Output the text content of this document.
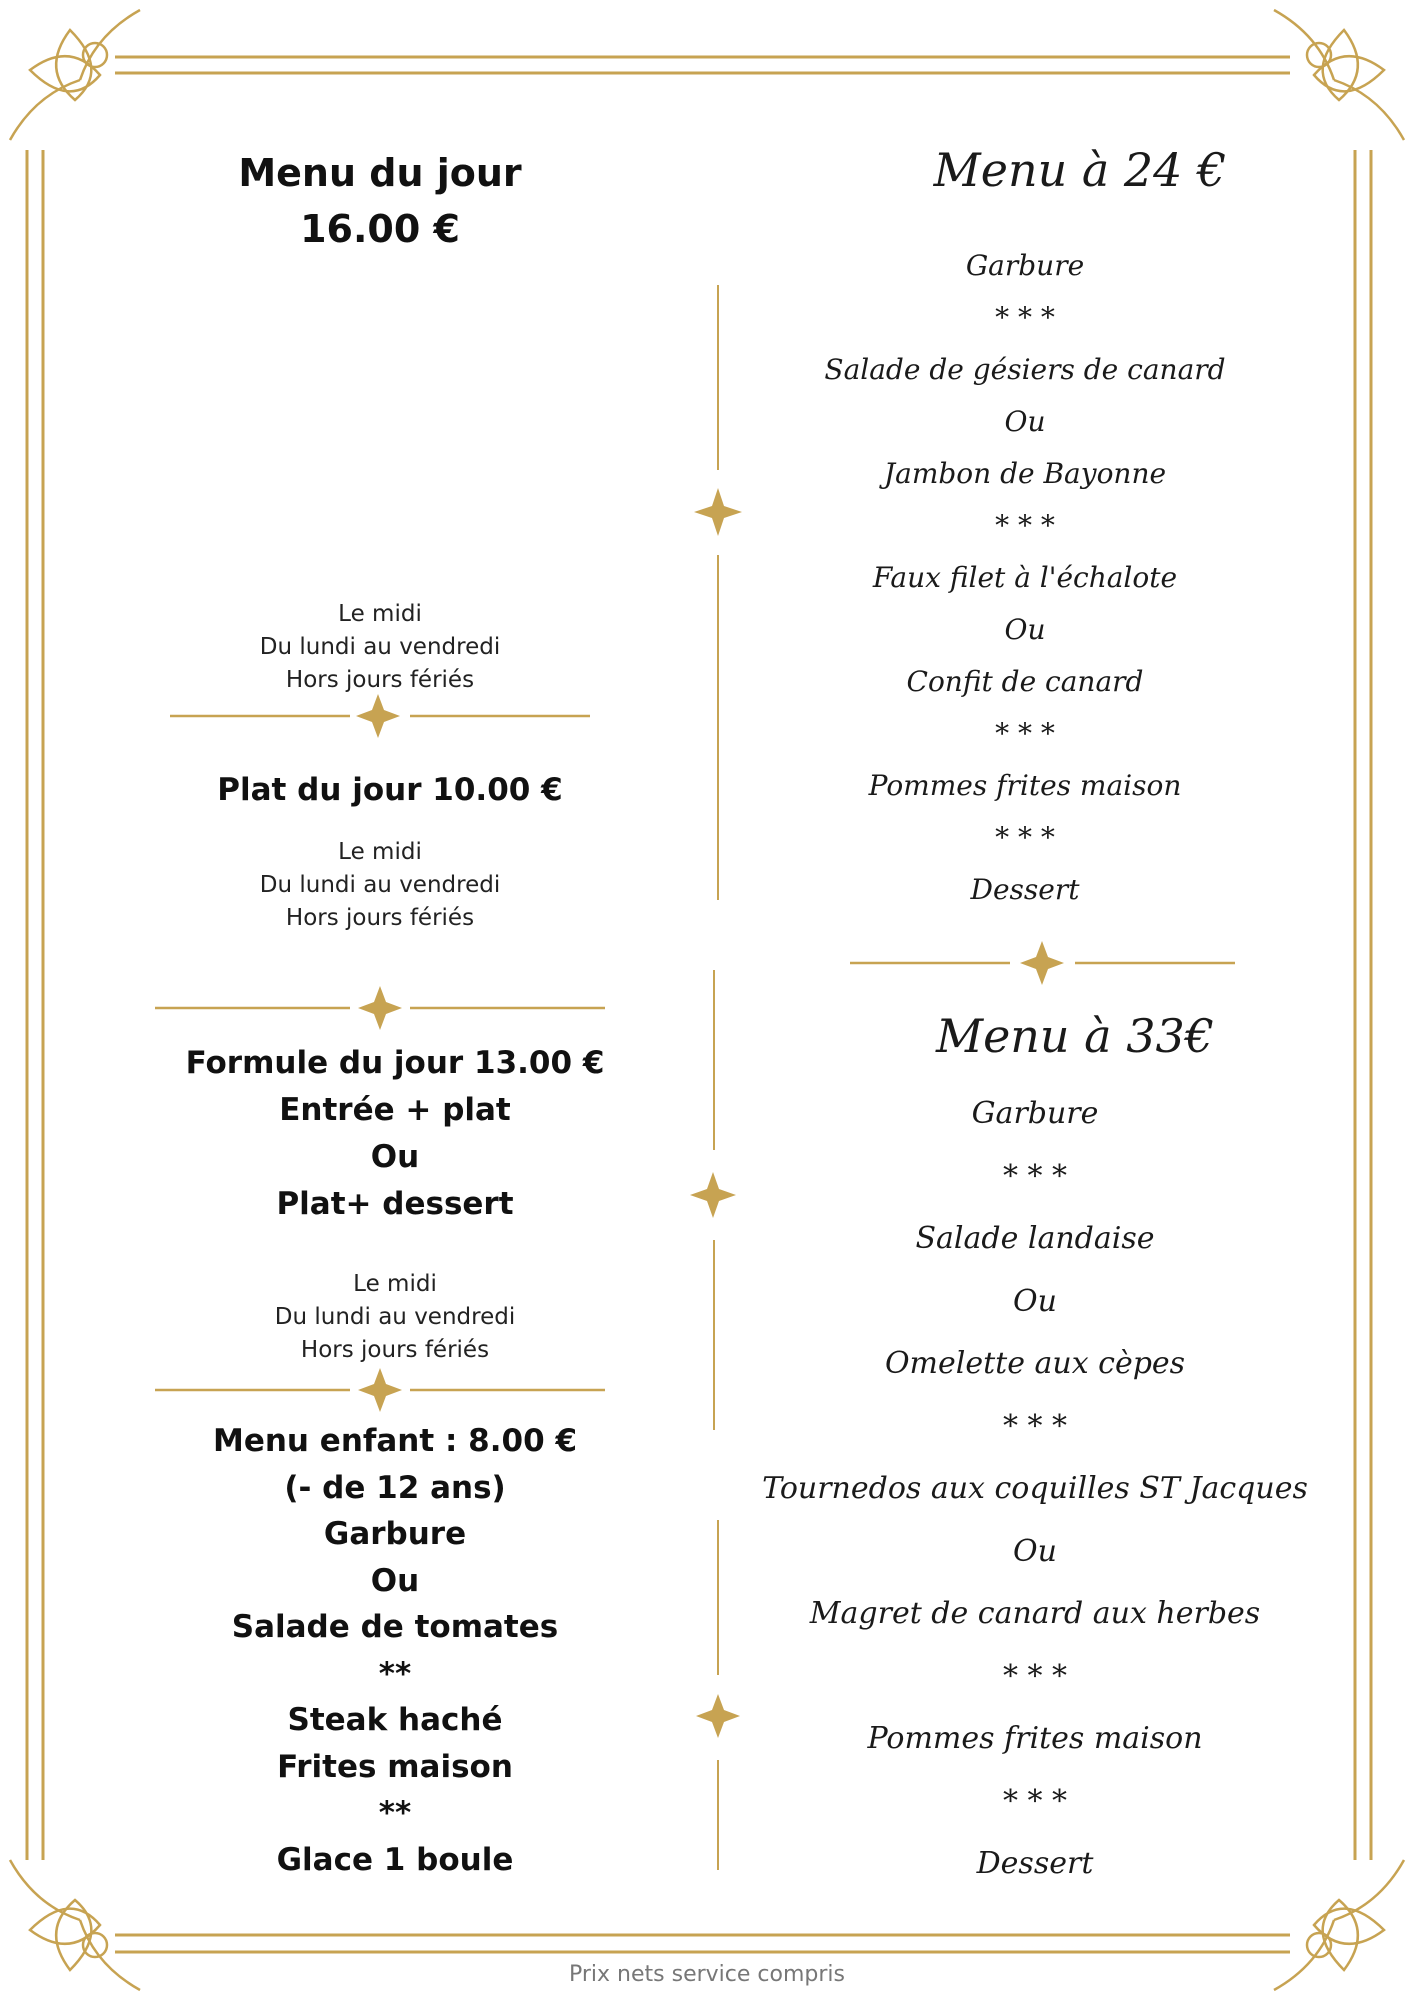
Menu du jour
16.00 €
Le midi
Du lundi au vendredi
Hors jours fériés
Plat du jour 10.00 €
Le midi
Du lundi au vendredi
Hors jours fériés
Formule du jour 13.00 €
Entrée + plat
Ou
Plat+ dessert
Le midi
Du lundi au vendredi
Hors jours fériés
Menu enfant : 8.00 €
(- de 12 ans)
Garbure
Ou
Salade de tomates
**
Steak haché
Frites maison
**
Glace 1 boule
Menu à 24 €
Garbure
* * *
Salade de gésiers de canard
Ou
Jambon de Bayonne
* * *
Faux filet à l'échalote
Ou
Confit de canard
* * *
Pommes frites maison
* * *
Dessert
Menu à 33€
Garbure
* * *
Salade landaise
Ou
Omelette aux cèpes
* * *
Tournedos aux coquilles ST Jacques
Ou
Magret de canard aux herbes
* * *
Pommes frites maison
* * *
Dessert
Prix nets service compris
